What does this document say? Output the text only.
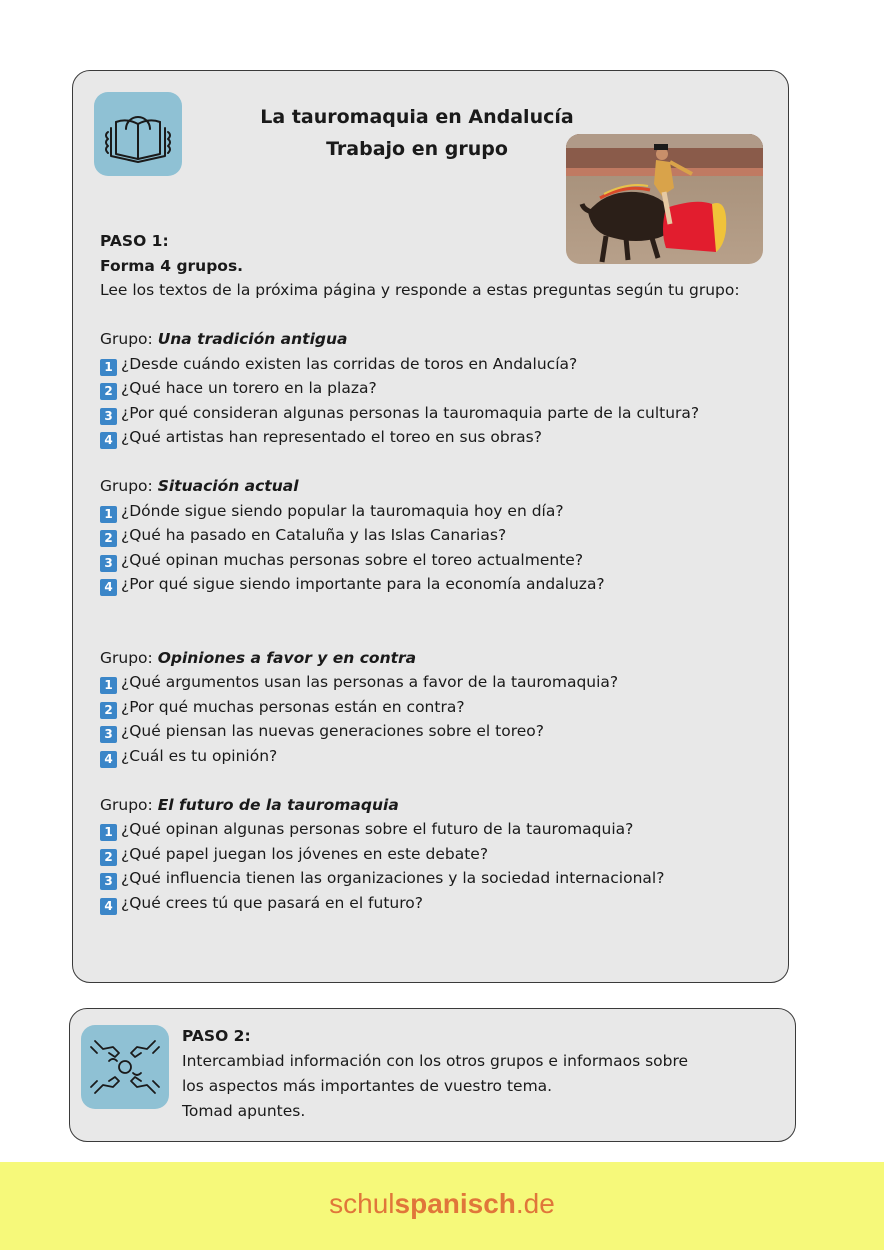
La tauromaquia en Andalucía
Trabajo en grupo
PASO 1:
Forma 4 grupos.
Lee los textos de la próxima página y responde a estas preguntas según tu grupo:
Grupo: Una tradición antigua
1 ¿Desde cuándo existen las corridas de toros en Andalucía?
2 ¿Qué hace un torero en la plaza?
3 ¿Por qué consideran algunas personas la tauromaquia parte de la cultura?
4 ¿Qué artistas han representado el toreo en sus obras?
Grupo: Situación actual
1 ¿Dónde sigue siendo popular la tauromaquia hoy en día?
2 ¿Qué ha pasado en Cataluña y las Islas Canarias?
3 ¿Qué opinan muchas personas sobre el toreo actualmente?
4 ¿Por qué sigue siendo importante para la economía andaluza?
Grupo: Opiniones a favor y en contra
1 ¿Qué argumentos usan las personas a favor de la tauromaquia?
2 ¿Por qué muchas personas están en contra?
3 ¿Qué piensan las nuevas generaciones sobre el toreo?
4 ¿Cuál es tu opinión?
Grupo: El futuro de la tauromaquia
1 ¿Qué opinan algunas personas sobre el futuro de la tauromaquia?
2 ¿Qué papel juegan los jóvenes en este debate?
3 ¿Qué influencia tienen las organizaciones y la sociedad internacional?
4 ¿Qué crees tú que pasará en el futuro?
PASO 2:
Intercambiad información con los otros grupos e informaos sobre
los aspectos más importantes de vuestro tema.
Tomad apuntes.
schulspanisch.de
